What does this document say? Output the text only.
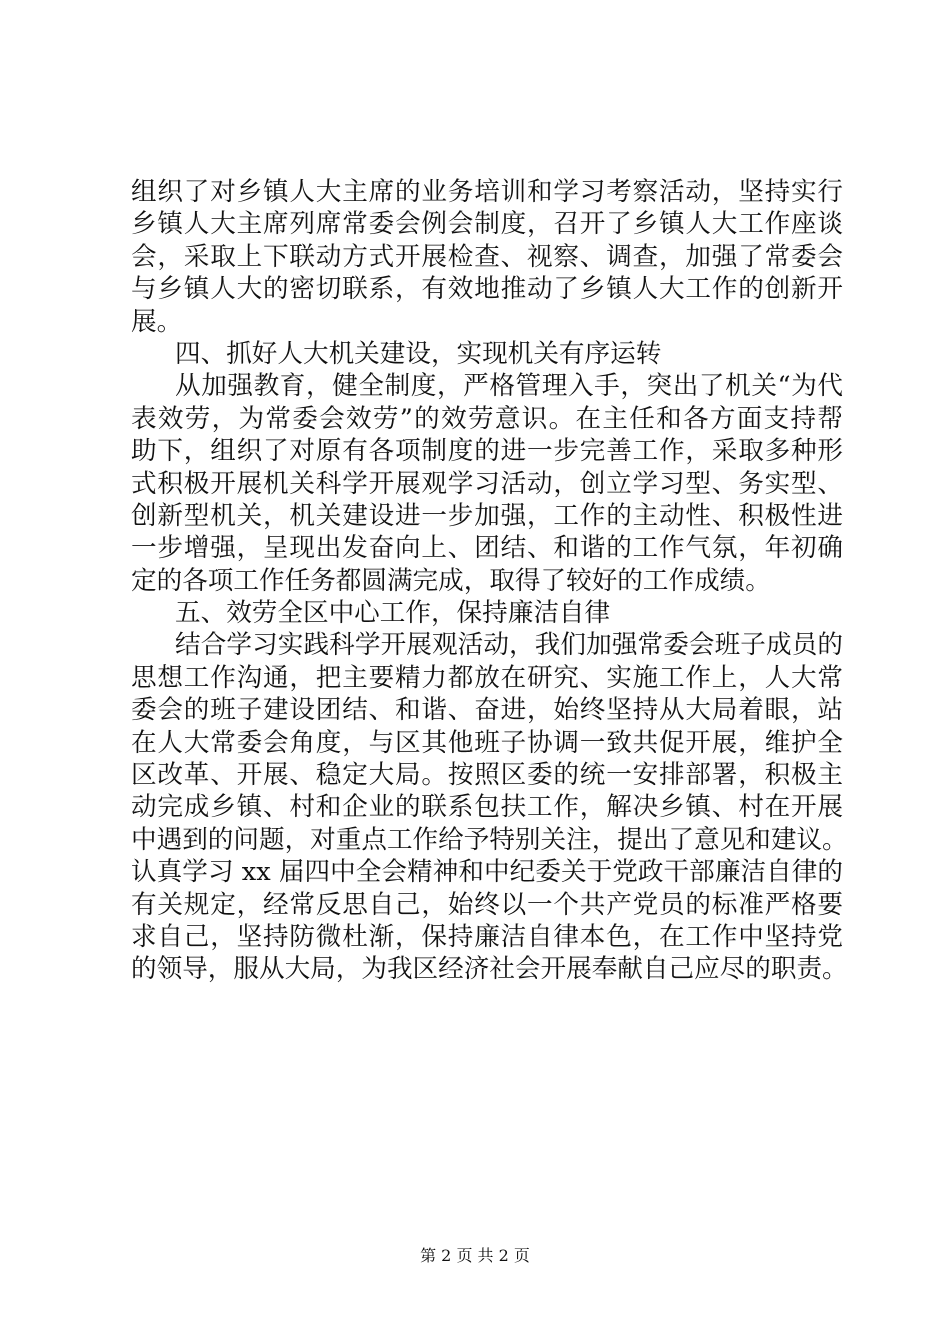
组织了对乡镇人大主席的业务培训和学习考察活动，坚持实行
乡镇人大主席列席常委会例会制度，召开了乡镇人大工作座谈
会，采取上下联动方式开展检查、视察、调查，加强了常委会
与乡镇人大的密切联系，有效地推动了乡镇人大工作的创新开
展。
四、抓好人大机关建设，实现机关有序运转
从加强教育，健全制度，严格管理入手，突出了机关“为代
表效劳，为常委会效劳”的效劳意识。在主任和各方面支持帮
助下，组织了对原有各项制度的进一步完善工作，采取多种形
式积极开展机关科学开展观学习活动，创立学习型、务实型、
创新型机关，机关建设进一步加强，工作的主动性、积极性进
一步增强，呈现出发奋向上、团结、和谐的工作气氛，年初确
定的各项工作任务都圆满完成，取得了较好的工作成绩。
五、效劳全区中心工作，保持廉洁自律
结合学习实践科学开展观活动，我们加强常委会班子成员的
思想工作沟通，把主要精力都放在研究、实施工作上，人大常
委会的班子建设团结、和谐、奋进，始终坚持从大局着眼，站
在人大常委会角度，与区其他班子协调一致共促开展，维护全
区改革、开展、稳定大局。按照区委的统一安排部署，积极主
动完成乡镇、村和企业的联系包扶工作，解决乡镇、村在开展
中遇到的问题，对重点工作给予特别关注，提出了意见和建议。
认真学习 xx 届四中全会精神和中纪委关于党政干部廉洁自律的
有关规定，经常反思自己，始终以一个共产党员的标准严格要
求自己，坚持防微杜渐，保持廉洁自律本色，在工作中坚持党
的领导，服从大局，为我区经济社会开展奉献自己应尽的职责。
第 2 页 共 2 页
